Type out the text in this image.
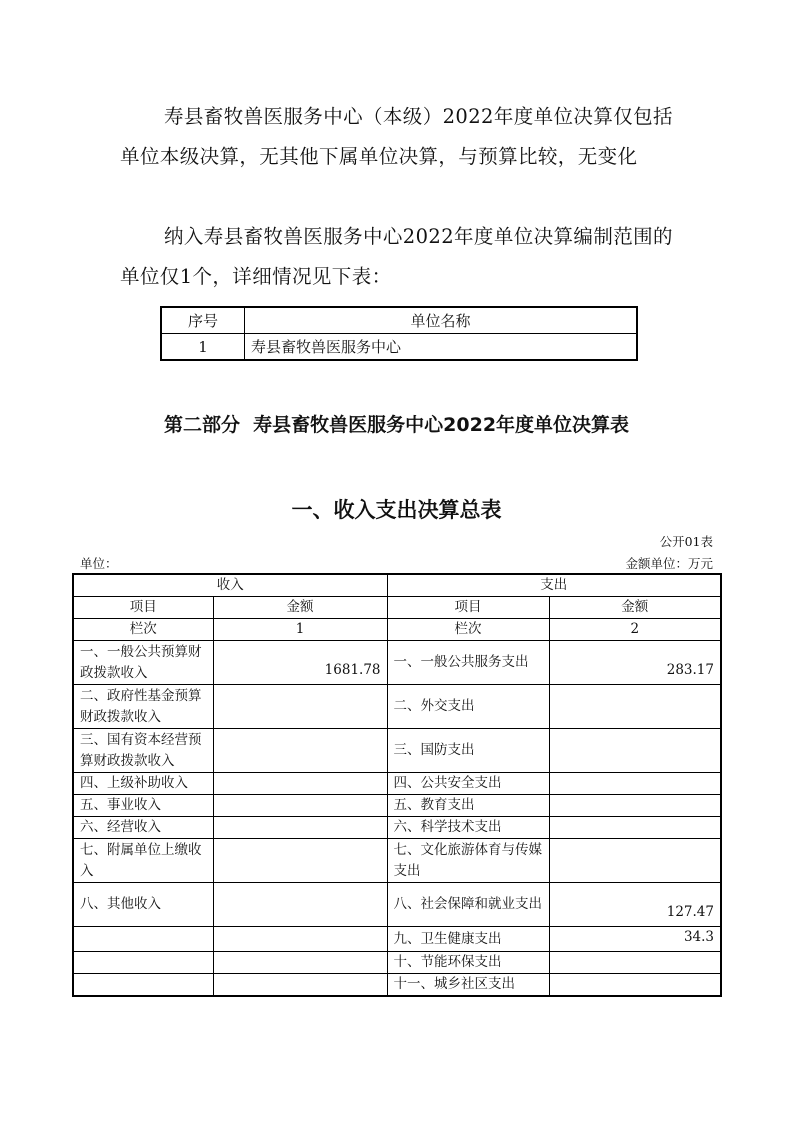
寿县畜牧兽医服务中心（本级）2022年度单位决算仅包括单位本级决算，无其他下属单位决算，与预算比较，无变化

纳入寿县畜牧兽医服务中心2022年度单位决算编制范围的单位仅1个，详细情况见下表：

序号	单位名称
1	寿县畜牧兽医服务中心
第二部分  寿县畜牧兽医服务中心2022年度单位决算表
一、收入支出决算总表
公开01表
单位：	金额单位：万元
收入		支出	
项目	金额	项目	金额
栏次	1	栏次	2
一、一般公共预算财政拨款收入	1681.78	一、一般公共服务支出	283.17
二、政府性基金预算财政拨款收入		二、外交支出	
三、国有资本经营预算财政拨款收入		三、国防支出	
四、上级补助收入		四、公共安全支出	
五、事业收入		五、教育支出	
六、经营收入		六、科学技术支出	
七、附属单位上缴收入		七、文化旅游体育与传媒支出	
八、其他收入		八、社会保障和就业支出	127.47
		九、卫生健康支出	34.3
		十、节能环保支出	
		十一、城乡社区支出	
